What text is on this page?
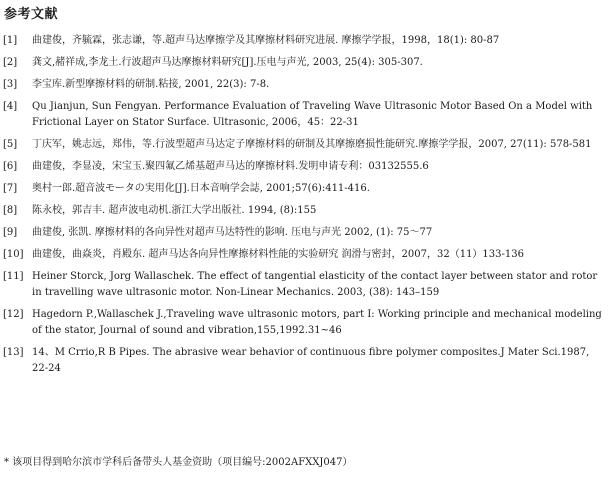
参考文献
[1]	曲建俊，齐毓霖，张志谦，等.超声马达摩擦学及其摩擦材料研究进展. 摩擦学学报，1998，18(1): 80-87
[2]	龚文,赭祥成,李龙土.行波超声马达摩擦材料研究[J].压电与声光, 2003, 25(4): 305-307.
[3]	李宝库.新型摩擦材料的研制.粘接, 2001, 22(3): 7-8.
[4]	Qu Jianjun, Sun Fengyan. Performance Evaluation of Traveling Wave Ultrasonic Motor Based On a Model with Frictional Layer on Stator Surface. Ultrasonic, 2006，45：22-31
[5]	丁庆军，姚志远，郑伟，等.行波型超声马达定子摩擦材料的研制及其摩擦磨损性能研究.摩擦学学报，2007, 27(11): 578-581
[6]	曲建俊，李显凌，宋宝玉.聚四氟乙烯基超声马达的摩擦材料.发明申请专利：03132555.6
[7]	奥村一郎.超音波モータの実用化[J].日本音响学会誌, 2001;57(6):411-416.
[8]	陈永校，郭吉丰. 超声波电动机.浙江大学出版社. 1994, (8):155
[9]	曲建俊, 张凯. 摩擦材料的各向异性对超声马达特性的影响. 压电与声光 2002, (1): 75～77
[10] 曲建俊，曲焱炎，肖殿东. 超声马达各向异性摩擦材料性能的实验研究 润滑与密封，2007，32（11）133-136
[11] Heiner Storck, Jorg Wallaschek. The effect of tangential elasticity of the contact layer between stator and rotor in travelling wave ultrasonic motor. Non-Linear Mechanics. 2003, (38): 143–159
[12] Hagedorn P.,Wallaschek J.,Traveling wave ultrasonic motors, part I: Working principle and mechanical modeling of the stator, Journal of sound and vibration,155,1992.31~46
[13] 14、M Crrio,R B Pipes. The abrasive wear behavior of continuous fibre polymer composites.J Mater Sci.1987, 22-24
* 该项目得到哈尔滨市学科后备带头人基金资助（项目编号:2002AFXXJ047）
